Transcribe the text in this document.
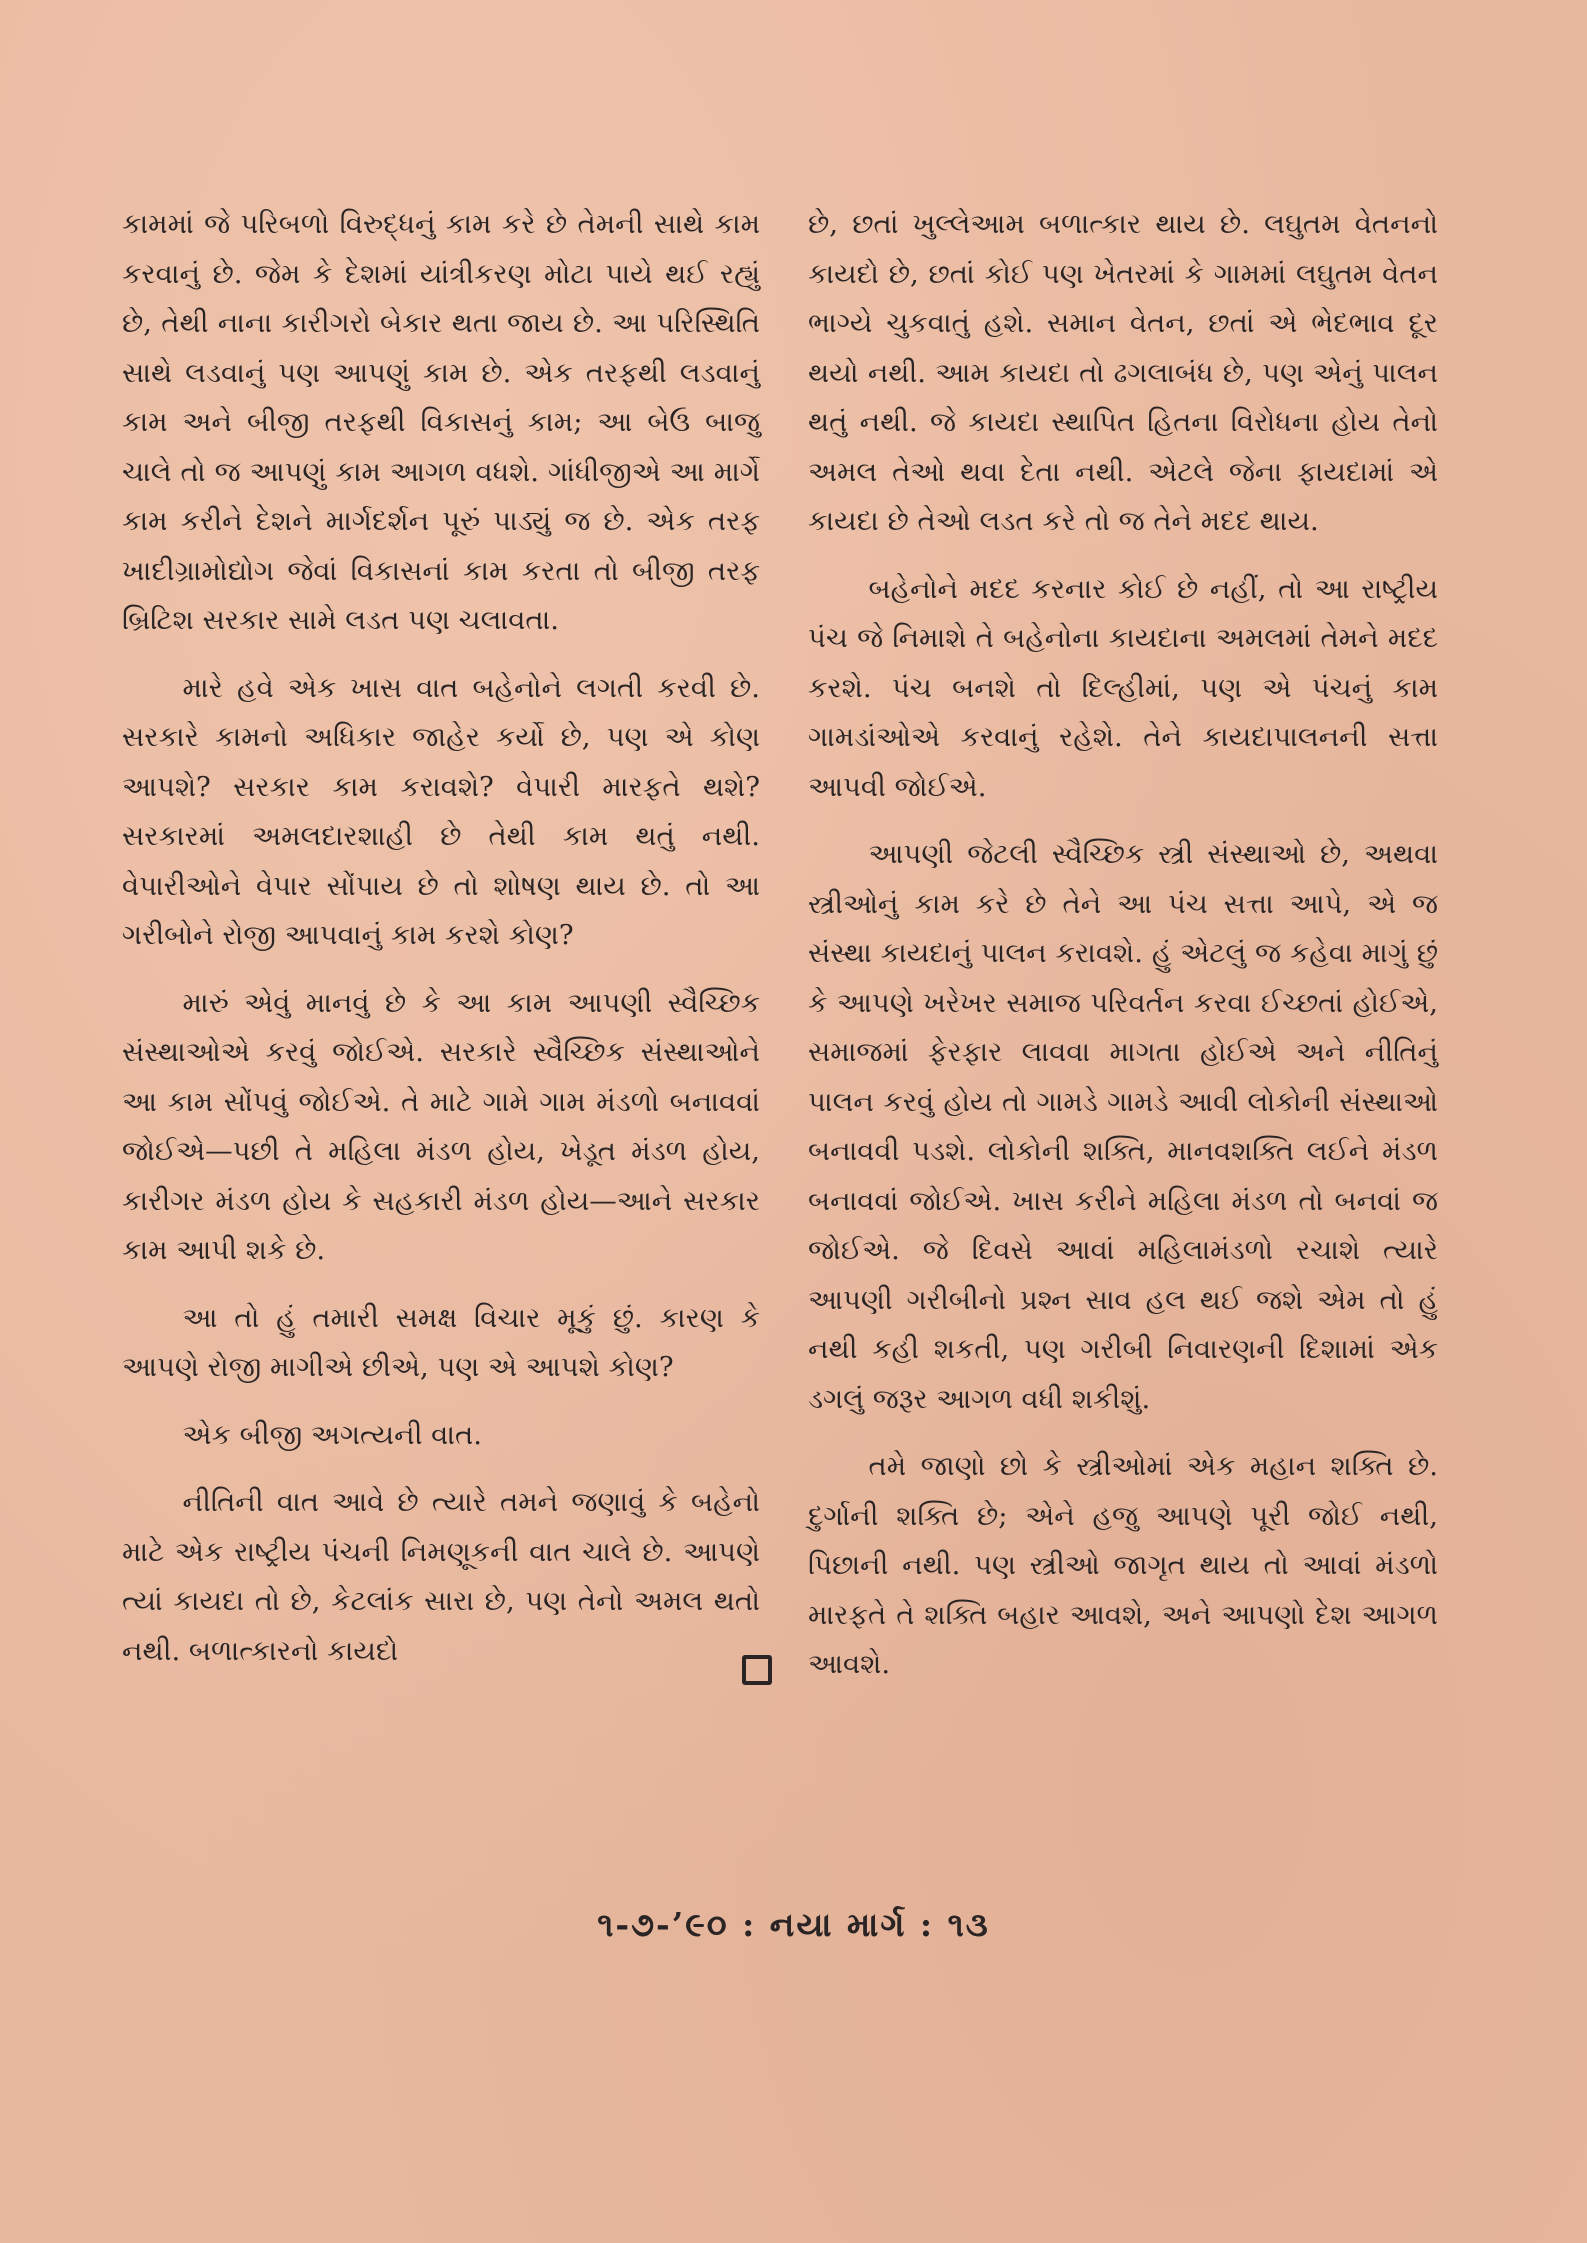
કામમાં જે પરિબળો વિરુદ્ધનું કામ કરે છે તેમની સાથે કામ કરવાનું છે. જેમ કે દેશમાં યાંત્રીકરણ મોટા પાયે થઈ રહ્યું છે, તેથી નાના કારીગરો બેકાર થતા જાય છે. આ પરિસ્થિતિ સાથે લડવાનું પણ આપણું કામ છે. એક તરફથી લડવાનું કામ અને બીજી તરફથી વિકાસનું કામ; આ બેઉ બાજુ ચાલે તો જ આપણું કામ આગળ વધશે. ગાંધીજીએ આ માર્ગે કામ કરીને દેશને માર્ગદર્શન પૂરું પાડ્યું જ છે. એક તરફ ખાદીગ્રામોદ્યોગ જેવાં વિકાસનાં કામ કરતા તો બીજી તરફ બ્રિટિશ સરકાર સામે લડત પણ ચલાવતા.

મારે હવે એક ખાસ વાત બહેનોને લગતી કરવી છે. સરકારે કામનો અધિકાર જાહેર કર્યો છે, પણ એ કોણ આપશે? સરકાર કામ કરાવશે? વેપારી મારફતે થશે? સરકારમાં અમલદારશાહી છે તેથી કામ થતું નથી. વેપારીઓને વેપાર સોંપાય છે તો શોષણ થાય છે. તો આ ગરીબોને રોજી આપવાનું કામ કરશે કોણ?

મારું એવું માનવું છે કે આ કામ આપણી સ્વૈચ્છિક સંસ્થાઓએ કરવું જોઈએ. સરકારે સ્વૈચ્છિક સંસ્થાઓને આ કામ સોંપવું જોઈએ. તે માટે ગામે ગામ મંડળો બનાવવાં જોઈએ—પછી તે મહિલા મંડળ હોય, ખેડૂત મંડળ હોય, કારીગર મંડળ હોય કે સહકારી મંડળ હોય—આને સરકાર કામ આપી શકે છે.

આ તો હું તમારી સમક્ષ વિચાર મૂકું છું. કારણ કે આપણે રોજી માગીએ છીએ, પણ એ આપશે કોણ?

એક બીજી અગત્યની વાત.

નીતિની વાત આવે છે ત્યારે તમને જણાવું કે બહેનો માટે એક રાષ્ટ્રીય પંચની નિમણૂકની વાત ચાલે છે. આપણે ત્યાં કાયદા તો છે, કેટલાંક સારા છે, પણ તેનો અમલ થતો નથી. બળાત્કારનો કાયદો

છે, છતાં ખુલ્લેઆમ બળાત્કાર થાય છે. લઘુતમ વેતનનો કાયદો છે, છતાં કોઈ પણ ખેતરમાં કે ગામમાં લઘુતમ વેતન ભાગ્યે ચુકવાતું હશે. સમાન વેતન, છતાં એ ભેદભાવ દૂર થયો નથી. આમ કાયદા તો ઢગલાબંધ છે, પણ એનું પાલન થતું નથી. જે કાયદા સ્થાપિત હિતના વિરોધના હોય તેનો અમલ તેઓ થવા દેતા નથી. એટલે જેના ફાયદામાં એ કાયદા છે તેઓ લડત કરે તો જ તેને મદદ થાય.

બહેનોને મદદ કરનાર કોઈ છે નહીં, તો આ રાષ્ટ્રીય પંચ જે નિમાશે તે બહેનોના કાયદાના અમલમાં તેમને મદદ કરશે. પંચ બનશે તો દિલ્હીમાં, પણ એ પંચનું કામ ગામડાંઓએ કરવાનું રહેશે. તેને કાયદાપાલનની સત્તા આપવી જોઈએ.

આપણી જેટલી સ્વૈચ્છિક સ્ત્રી સંસ્થાઓ છે, અથવા સ્ત્રીઓનું કામ કરે છે તેને આ પંચ સત્તા આપે, એ જ સંસ્થા કાયદાનું પાલન કરાવશે. હું એટલું જ કહેવા માગું છું કે આપણે ખરેખર સમાજ પરિવર્તન કરવા ઈચ્છતાં હોઈએ, સમાજમાં ફેરફાર લાવવા માગતા હોઈએ અને નીતિનું પાલન કરવું હોય તો ગામડે ગામડે આવી લોકોની સંસ્થાઓ બનાવવી પડશે. લોકોની શક્તિ, માનવશક્તિ લઈને મંડળ બનાવવાં જોઈએ. ખાસ કરીને મહિલા મંડળ તો બનવાં જ જોઈએ. જે દિવસે આવાં મહિલામંડળો રચાશે ત્યારે આપણી ગરીબીનો પ્રશ્ન સાવ હલ થઈ જશે એમ તો હું નથી કહી શકતી, પણ ગરીબી નિવારણની દિશામાં એક ડગલું જરૂર આગળ વધી શકીશું.

તમે જાણો છો કે સ્ત્રીઓમાં એક મહાન શક્તિ છે. દુર્ગાની શક્તિ છે; એને હજુ આપણે પૂરી જોઈ નથી, પિછાની નથી. પણ સ્ત્રીઓ જાગૃત થાય તો આવાં મંડળો મારફતે તે શક્તિ બહાર આવશે, અને આપણો દેશ આગળ આવશે.

૧-૭-’૯૦ : નયા માર્ગ : ૧૩
